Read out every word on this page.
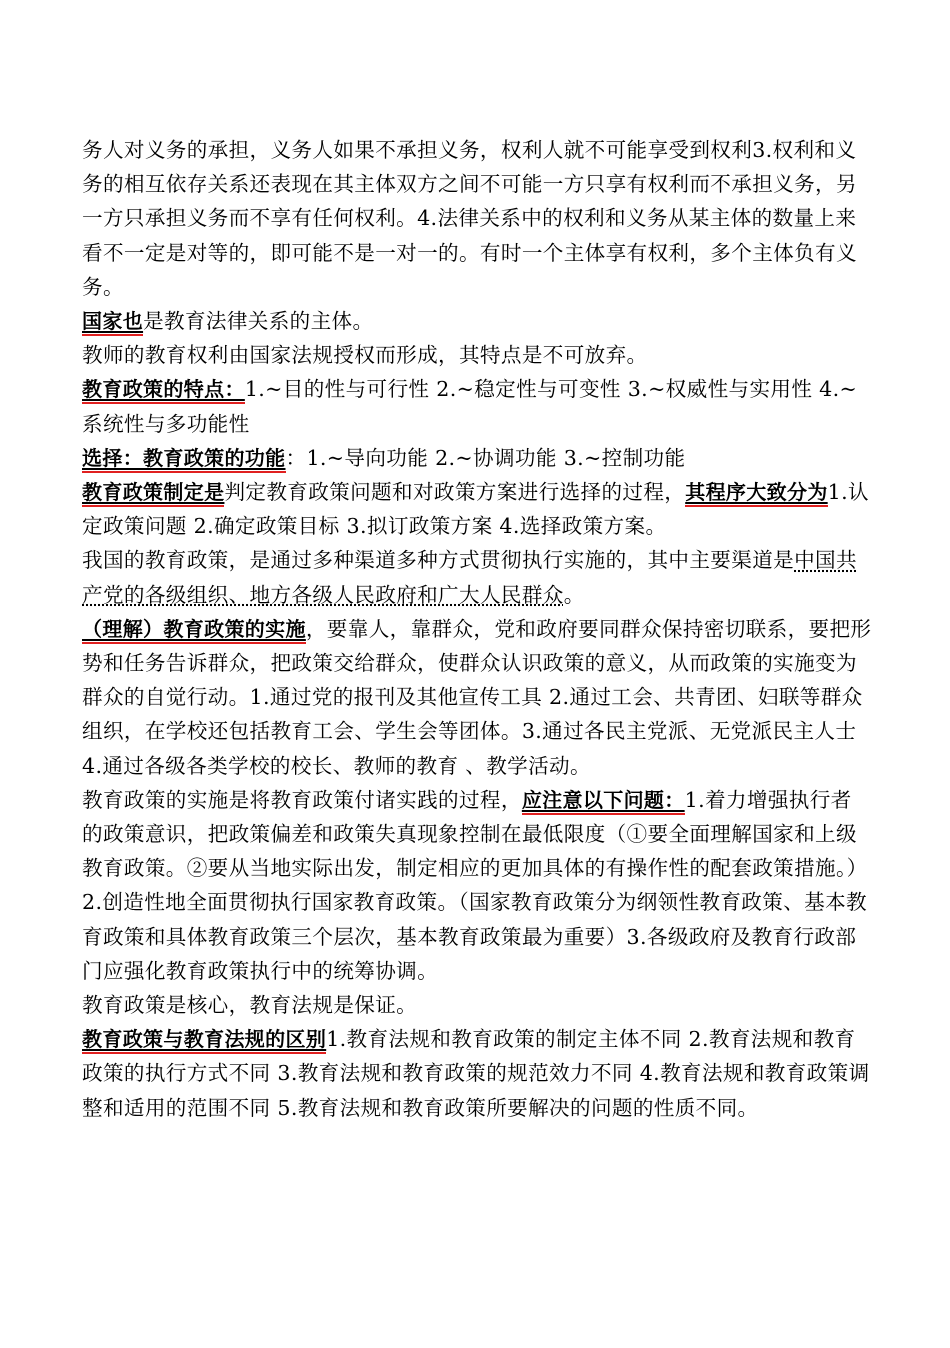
务人对义务的承担，义务人如果不承担义务，权利人就不可能享受到权利3.权利和义务的相互依存关系还表现在其主体双方之间不可能一方只享有权利而不承担义务，另一方只承担义务而不享有任何权利。4.法律关系中的权利和义务从某主体的数量上来看不一定是对等的，即可能不是一对一的。有时一个主体享有权利，多个主体负有义务。

国家也是教育法律关系的主体。

教师的教育权利由国家法规授权而形成，其特点是不可放弃。

教育政策的特点：1.~目的性与可行性 2.~稳定性与可变性 3.~权威性与实用性 4.~系统性与多功能性

选择：教育政策的功能：1.~导向功能 2.~协调功能 3.~控制功能

教育政策制定是判定教育政策问题和对政策方案进行选择的过程，其程序大致分为1.认定政策问题 2.确定政策目标 3.拟订政策方案 4.选择政策方案。

我国的教育政策，是通过多种渠道多种方式贯彻执行实施的，其中主要渠道是中国共产党的各级组织、地方各级人民政府和广大人民群众。

（理解）教育政策的实施，要靠人，靠群众，党和政府要同群众保持密切联系，要把形势和任务告诉群众，把政策交给群众，使群众认识政策的意义，从而政策的实施变为群众的自觉行动。1.通过党的报刊及其他宣传工具 2.通过工会、共青团、妇联等群众组织，在学校还包括教育工会、学生会等团体。3.通过各民主党派、无党派民主人士 4.通过各级各类学校的校长、教师的教育 、教学活动。

教育政策的实施是将教育政策付诸实践的过程，应注意以下问题：1.着力增强执行者的政策意识，把政策偏差和政策失真现象控制在最低限度（①要全面理解国家和上级教育政策。②要从当地实际出发，制定相应的更加具体的有操作性的配套政策措施。）2.创造性地全面贯彻执行国家教育政策。（国家教育政策分为纲领性教育政策、基本教育政策和具体教育政策三个层次，基本教育政策最为重要）3.各级政府及教育行政部门应强化教育政策执行中的统筹协调。

教育政策是核心，教育法规是保证。

教育政策与教育法规的区别1.教育法规和教育政策的制定主体不同 2.教育法规和教育政策的执行方式不同 3.教育法规和教育政策的规范效力不同 4.教育法规和教育政策调整和适用的范围不同 5.教育法规和教育政策所要解决的问题的性质不同。
